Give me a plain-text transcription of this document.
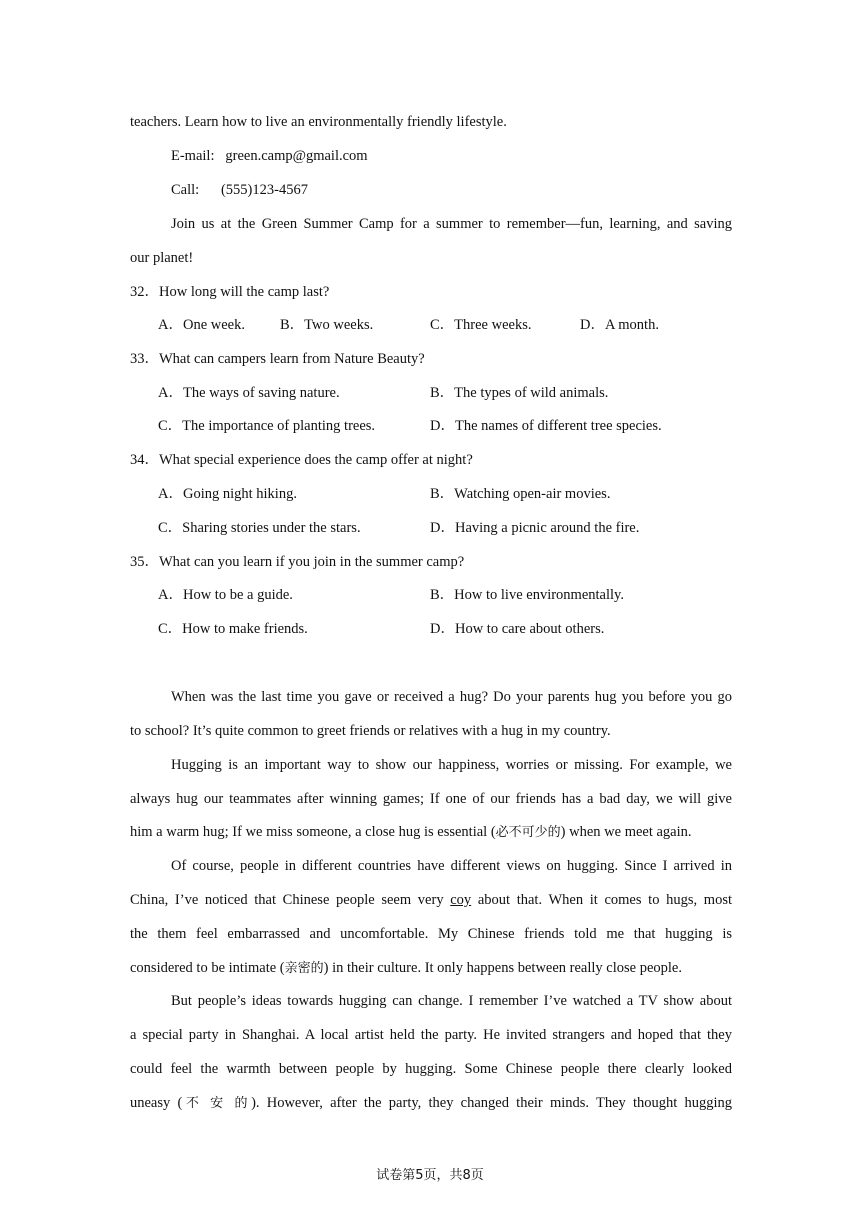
teachers. Learn how to live an environmentally friendly lifestyle.
E-mail: green.camp@gmail.com
Call: (555)123-4567
Join us at the Green Summer Camp for a summer to remember—fun, learning, and saving
our planet!
32．How long will the camp last?
A．One week. B．Two weeks.	C．Three weeks.	D．A month.
33．What can campers learn from Nature Beauty?
A．The ways of saving nature.	B．The types of wild animals.
C．The importance of planting trees.	D．The names of different tree species.
34．What special experience does the camp offer at night?
A．Going night hiking.	B．Watching open-air movies.
C．Sharing stories under the stars.	D．Having a picnic around the fire.
35．What can you learn if you join in the summer camp?
A．How to be a guide.	B．How to live environmentally.
C．How to make friends.	D．How to care about others.
When was the last time you gave or received a hug? Do your parents hug you before you go
to school? It’s quite common to greet friends or relatives with a hug in my country.
Hugging is an important way to show our happiness, worries or missing. For example, we
always hug our teammates after winning games; If one of our friends has a bad day, we will give
him a warm hug; If we miss someone, a close hug is essential (必不可少的) when we meet again.
Of course, people in different countries have different views on hugging. Since I arrived in
China, I’ve noticed that Chinese people seem very coy about that. When it comes to hugs, most
the them feel embarrassed and uncomfortable. My Chinese friends told me that hugging is
considered to be intimate (亲密的) in their culture. It only happens between really close people.
But people’s ideas towards hugging can change. I remember I’ve watched a TV show about
a special party in Shanghai. A local artist held the party. He invited strangers and hoped that they
could feel the warmth between people by hugging. Some Chinese people there clearly looked
uneasy (不 安 的). However, after the party, they changed their minds. They thought hugging
试卷第5页，共8页
